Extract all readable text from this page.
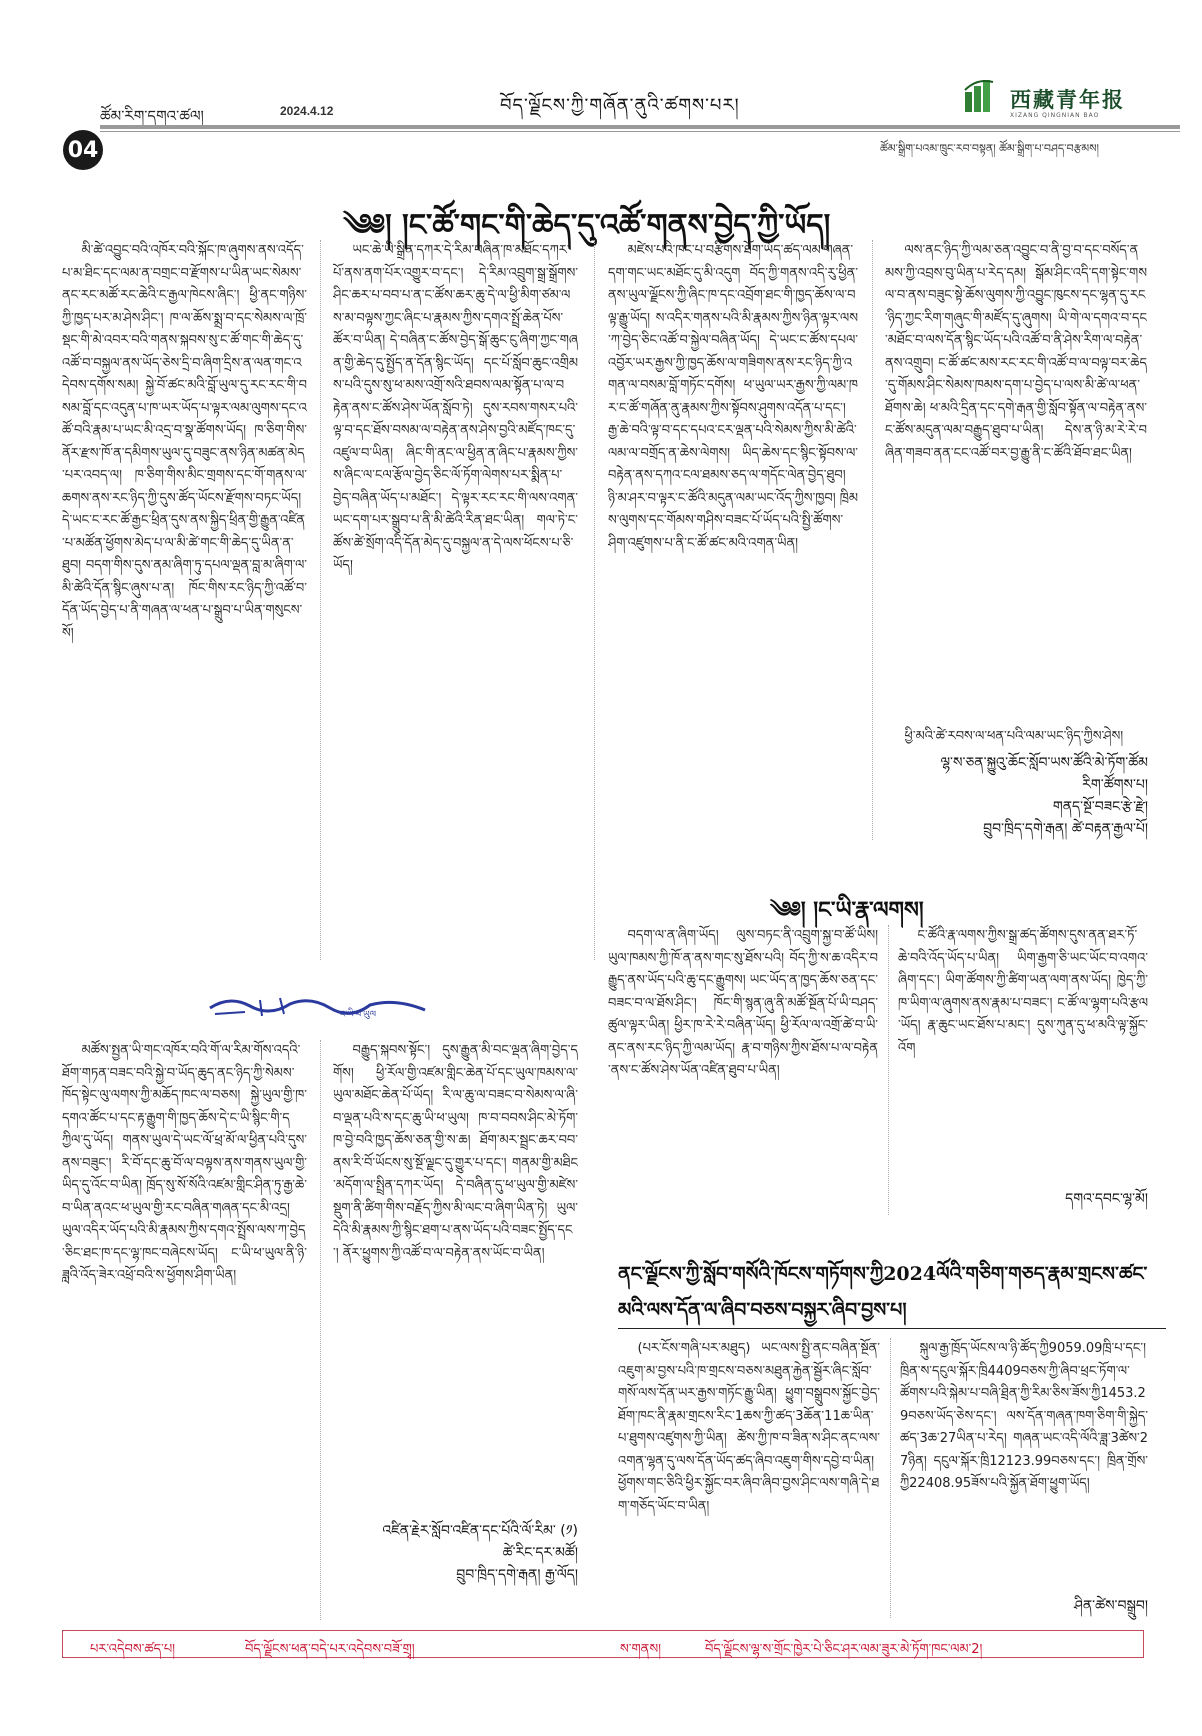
04
ཚོམ་རིག་དགའ་ཚལ།	2024.4.12	བོད་ལྗོངས་ཀྱི་གཞོན་ནུའི་ཚགས་པར།	西藏青年报
XIZANG QINGNIAN BAO
ཚོམ་སྒྲིག་པའམ་ཁྲུང་རབ་བསྟན། ཚོམ་སྒྲིག་པ་བཤད་བརྩམས།
༄༅། །ང་ཚོ་གང་གི་ཆེད་དུ་འཚོ་གནས་བྱེད་ཀྱི་ཡོད།

མི་ཚེ་འབྱུང་བའི་འཁོར་བའི་སྐོང་ཁ་ཞུགས་ནས་འདོད་པ་མ་ཐིང་དང་ལམ་ན་བགྲང་བ་རྫོགས་པ་ཡིན་ཡང་སེམས་ནང་རང་མཚོ་རང་ཆེའི་ང་རྒྱལ་ཁེངས་ཞིང་། ཕྱི་ནང་གཉིས་ཀྱི་ཁྱད་པར་མ་ཤེས་ཤིང་། ཁ་ལ་ཆོས་སྨྲ་བ་དང་སེམས་ལ་ཁྲོ་སྡང་གི་མེ་འབར་བའི་གནས་སྐབས་སུ་ང་ཚོ་གང་གི་ཆེད་དུ་འཚོ་བ་བསྐྱལ་ནས་ཡོད་ཅེས་དྲི་བ་ཞིག་དྲིས་ན་ལན་གང་འདེབས་དགོས་སམ། སྐྱེ་བོ་ཚང་མའི་བློ་ཡུལ་དུ་རང་རང་གི་བསམ་བློ་དང་འདུན་པ་ཁ་ཡར་ཡོད་པ་ལྟར་ལམ་ལུགས་དང་འཚོ་བའི་རྣམ་པ་ཡང་མི་འདྲ་བ་སྣ་ཚོགས་ཡོད། ཁ་ཅིག་གིས་ནོར་རྫས་ཁོ་ན་དམིགས་ཡུལ་དུ་བཟུང་ནས་ཉིན་མཚན་མེད་པར་འབད་ལ། ཁ་ཅིག་གིས་མིང་གྲགས་དང་གོ་གནས་ལ་ཆགས་ནས་རང་ཉིད་ཀྱི་དུས་ཚོད་ཡོངས་རྫོགས་བཏང་ཡོད། དེ་ཡང་ང་རང་ཚོ་རྒྱང་ཕྲིན་དུས་ནས་སྐྱིད་ཕྲིན་གྱི་རྒྱུན་འཛིན་པ་མཚོན་ཕྱོགས་མེད་པ་ལ་མི་ཚེ་གང་གི་ཆེད་དུ་ཡིན་ན་ཐུབ། བདག་གིས་དུས་ནམ་ཞིག་ཏུ་དཔལ་ལྡན་བླ་མ་ཞིག་ལ་མི་ཚེའི་དོན་སྙིང་ཞུས་པ་ན། ཁོང་གིས་རང་ཉིད་ཀྱི་འཚོ་བ་དོན་ཡོད་བྱེད་པ་ནི་གཞན་ལ་ཕན་པ་སྒྲུབ་པ་ཡིན་གསུངས་སོ།

ཡང་ཆེ་ཡི་སྒྲིན་དཀར་དེ་རིམ་བཞིན་ཁ་མཐོང་དཀར་པོ་ནས་ནག་པོར་འགྱུར་བ་དང་། དེ་རིམ་འབྲུག་སྒྲ་སྒྲོགས་ཤིང་ཆར་པ་བབ་པ་ན་ང་ཚོས་ཆར་ཆུ་དེ་ལ་ཕྱི་མིག་ཙམ་ལས་མ་བལྟས་ཀྱང་ཞིང་པ་རྣམས་ཀྱིས་དགའ་སྤྲོ་ཆེན་པོས་ཚོར་བ་ཡིན། དེ་བཞིན་ང་ཚོས་བྱེད་སྒོ་ཆུང་ངུ་ཞིག་ཀྱང་གཞན་གྱི་ཆེད་དུ་སྤྱོད་ན་དོན་སྙིང་ཡོད། དང་པོ་སློབ་ཆུང་འགྲིམས་པའི་དུས་སུ་ཕ་མས་འགྲོ་སའི་ཐབས་ལམ་སྟོན་པ་ལ་བརྟེན་ནས་ང་ཚོས་ཤེས་ཡོན་སློབ་ཏེ། དུས་རབས་གསར་པའི་ལྟ་བ་དང་ཐོས་བསམ་ལ་བརྟེན་ནས་ཤེས་བྱའི་མཛོད་ཁང་དུ་འཛུལ་བ་ཡིན། ཞིང་གི་ནང་ལ་ཕྱིན་ན་ཞིང་པ་རྣམས་ཀྱིས་ས་ཞིང་ལ་ངལ་རྩོལ་བྱེད་ཅིང་ལོ་ཏོག་ལེགས་པར་སྨིན་པ་བྱེད་བཞིན་ཡོད་པ་མཐོང་། དེ་ལྟར་རང་རང་གི་ལས་འགན་ཡང་དག་པར་སྒྲུབ་པ་ནི་མི་ཚེའི་རིན་ཐང་ཡིན། གལ་ཏེ་ང་ཚོས་ཚེ་སྲོག་འདི་དོན་མེད་དུ་བསྐྱལ་ན་དེ་ལས་ཕོངས་པ་ཅི་ཡོད།

མཛེས་པའི་ཁང་པ་བརྩིགས་ཐོག་ཡོད་ཚད་ལམ་གཞན་དག་གང་ཡང་མཐོང་དུ་མི་འདུག བོད་ཀྱི་གནས་འདི་རུ་ཕྱིན་ནས་ཡུལ་ལྗོངས་ཀྱི་ཞིང་ཁ་དང་འབྲོག་ཐང་གི་ཁྱད་ཆོས་ལ་བལྟ་རྒྱུ་ཡོད། ས་འདིར་གནས་པའི་མི་རྣམས་ཀྱིས་ཉིན་ལྟར་ལས་ཀ་བྱེད་ཅིང་འཚོ་བ་སྐྱེལ་བཞིན་ཡོད། དེ་ཡང་ང་ཚོས་དཔལ་འབྱོར་ཡར་རྒྱས་ཀྱི་ཁྱད་ཆོས་ལ་གཟིགས་ནས་རང་ཉིད་ཀྱི་འགན་ལ་བསམ་བློ་གཏོང་དགོས། ཕ་ཡུལ་ཡར་རྒྱས་ཀྱི་ལམ་ཁར་ང་ཚོ་གཞོན་ནུ་རྣམས་ཀྱིས་སྟོབས་ཤུགས་འདོན་པ་དང་། རྒྱ་ཆེ་བའི་ལྟ་བ་དང་དཔའ་ངར་ལྡན་པའི་སེམས་ཀྱིས་མི་ཚེའི་ལམ་ལ་བགྲོད་ན་ཆེས་ལེགས། ཡིད་ཆེས་དང་སྙིང་སྟོབས་ལ་བརྟེན་ནས་དཀའ་ངལ་ཐམས་ཅད་ལ་གདོང་ལེན་བྱེད་ཐུབ། ཉི་མ་ཤར་བ་ལྟར་ང་ཚོའི་མདུན་ལམ་ཡང་འོད་ཀྱིས་ཁྱབ། ཁྲིམས་ལུགས་དང་གོམས་གཤིས་བཟང་པོ་ཡོད་པའི་སྤྱི་ཚོགས་ཤིག་འཛུགས་པ་ནི་ང་ཚོ་ཚང་མའི་འགན་ཡིན།

ལས་ནང་ཉིད་ཀྱི་ལམ་ཅན་འབྱུང་བ་ནི་བྱ་བ་དང་བསོད་ནམས་ཀྱི་འབྲས་བུ་ཡིན་པ་རེད་དམ། སྒོམ་ཤིང་འདི་དག་སྟེང་གསལ་བ་ནས་བཟུང་སྟེ་ཆོས་ལུགས་ཀྱི་འབྱུང་ཁུངས་དང་ལྷན་དུ་རང་ཉིད་ཀྱང་རིག་གཞུང་གི་མཛོད་དུ་ཞུགས། ཡི་གེ་ལ་དགའ་བ་དང་མཐོང་བ་ལས་དོན་སྙིང་ཡོད་པའི་འཚོ་བ་ནི་ཤེས་རིག་ལ་བརྟེན་ནས་འགྲུབ། ང་ཚོ་ཚང་མས་རང་རང་གི་འཚོ་བ་ལ་བལྟ་བར་ཆེད་དུ་གོམས་ཤིང་སེམས་ཁམས་དག་པ་བྱེད་པ་ལས་མི་ཚེ་ལ་ཕན་ཐོགས་ཆེ། ཕ་མའི་དྲིན་དང་དགེ་རྒན་གྱི་སློབ་སྟོན་ལ་བརྟེན་ནས་ང་ཚོས་མདུན་ལམ་བརྒྱུད་ཐུབ་པ་ཡིན། དེས་ན་ཉི་མ་རེ་རེ་བཞིན་གཟབ་ནན་ངང་འཚོ་བར་བྱ་རྒྱུ་ནི་ང་ཚོའི་ཐོབ་ཐང་ཡིན།

ཕྱི་མའི་ཚེ་རབས་ལ་ཕན་པའི་ལམ་ཡང་ཉིད་ཀྱིས་ཤེས།

ལྷ་ས་ཅན་སྐྱུའུ་ཆོང་སློབ་ཡས་ཚོའི་མེ་ཏོག་ཚོམ
རིག་ཚོགས་པ།
གནད་སྔོ་བཟང་རྩེ་རྫེ།
བྲུབ་ཁྲིད་དགེ་རྒན། ཚེ་བརྟན་རྒྱལ་པོ།
ང་ཡི་ཕ་ཡུལ

མཚོས་སྤྱན་ཡི་གང་འཁོར་བའི་གོ་ལ་རིམ་གོས་འདའི་ཐོག་གཏན་བཟང་བའི་སྐྱེ་བ་ཡོད་ཆུད་ནང་ཉིད་ཀྱི་སེམས་ཁོད་སྟེང་ལུ་ལགས་ཀྱི་མཆོད་ཁང་ལ་བཅས། སྐྱེ་ཡུལ་གྱི་ཁ་དགའ་ཚོང་པ་དང་རྟ་རྒྱུག་གི་ཁྱད་ཆོས་དེ་ང་ཡི་སྙིང་གི་དཀྱིལ་དུ་ཡོད། གནས་ཡུལ་དེ་ཡང་ལོ་ཕྲ་མོ་ལ་ཕྱིན་པའི་དུས་ནས་བཟུང་། རི་བོ་དང་ཆུ་བོ་ལ་བལྟས་ནས་གནས་ཡུལ་གྱི་ཡིད་དུ་འོང་བ་ཡིན། ཁྲོད་སུ་སོ་སོའི་འཛམ་གླིང་ཤིན་ཏུ་རྒྱ་ཆེ་བ་ཡིན་ནའང་ཕ་ཡུལ་གྱི་རང་བཞིན་གཞན་དང་མི་འདྲ། ཡུལ་འདིར་ཡོད་པའི་མི་རྣམས་ཀྱིས་དགའ་སྤྲོས་ལས་ཀ་བྱེད་ཅིང་ཐང་ཁ་དང་ལྷ་ཁང་བཞེངས་ཡོད། ང་ཡི་ཕ་ཡུལ་ནི་ཉི་ཟླའི་འོད་ཟེར་འཕྲོ་བའི་ས་ཕྱོགས་ཤིག་ཡིན།

བརྒྱུད་སྐབས་སྟོང་། དུས་རྒྱུན་མི་བང་ལྡན་ཞིག་བྱེད་དགོས། ཕྱི་རོལ་གྱི་འཛམ་གླིང་ཆེན་པོ་དང་ཡུལ་ཁམས་ལ་ཡུལ་མཐོང་ཆེན་པོ་ཡོད། རི་ལ་ཆུ་ལ་བཟང་བ་སེམས་ལ་ཞི་བ་ལྡན་པའི་ས་དང་ཆུ་ཡི་ཕ་ཡུལ། ཁ་བ་བབས་ཤིང་མེ་ཏོག་ཁ་བྱེ་བའི་ཁྱད་ཆོས་ཅན་གྱི་ས་ཆ། ཐོག་མར་སྦྲང་ཆར་བབ་ནས་རི་བོ་ཡོངས་སུ་སྔོ་ལྗང་དུ་གྱུར་པ་དང་། གནམ་གྱི་མཐིང་མདོག་ལ་སྤྲིན་དཀར་ཡོད། དེ་བཞིན་དུ་ཕ་ཡུལ་གྱི་མཛེས་སྡུག་ནི་ཚིག་གིས་བརྗོད་ཀྱིས་མི་ལང་བ་ཞིག་ཡིན་ཏེ། ཡུལ་དེའི་མི་རྣམས་ཀྱི་སྙིང་ཐག་པ་ནས་ཡོད་པའི་བཟང་སྤྱོད་དང་། ནོར་ཕྱུགས་ཀྱི་འཚོ་བ་ལ་བརྟེན་ནས་ཡོང་བ་ཡིན།

འཛིན་རྗེར་སློབ་འཛིན་དང་པོའི་ལོ་རིམ་ (༡)
ཚེ་རིང་དར་མཚོ།
བྲུབ་ཁྲིད་དགེ་རྒན། རྒྱ་ལོད།
༄༅། །ང་ཡི་རྣ་ལགས།

བདག་ལ་ན་ཞིག་ཡོད། ལུས་བཏང་ནི་འབྲུག་སྐྱ་བ་ཚོ་ཡིས། ཡུལ་ཁམས་ཀྱི་ཁོ་ན་ནས་གང་སུ་ཐོས་པའི། བོད་ཀྱི་ས་ཆ་འདིར་བརྒྱུད་ནས་ཡོད་པའི་ཆུ་དང་རྒྱུགས། ཡང་ཡོད་ན་ཁྱད་ཆོས་ཅན་དང་བཟང་བ་ལ་ཐོས་ཤིང་། ཁོང་གི་སྙན་ཞུ་ནི་མཚོ་སྔོན་པོ་ཡི་བཤད་ཚུལ་ལྟར་ཡིན། ཕྱིར་ཁ་རེ་རེ་བཞིན་ཡོད། ཕྱི་རོལ་ལ་འགྲོ་ཚེ་བ་ཡི་ནང་ནས་རང་ཉིད་ཀྱི་ལམ་ཡོད། རྣ་བ་གཉིས་ཀྱིས་ཐོས་པ་ལ་བརྟེན་ནས་ང་ཚོས་ཤེས་ཡོན་འཛིན་ཐུབ་པ་ཡིན།

ང་ཚོའི་རྣ་ལགས་ཀྱིས་སྒྲ་ཚད་ཚོགས་དུས་ནན་ཐར་ཏོ་ཆེ་བའི་འོད་ཡོད་པ་ཡིན། ཡིག་རྒྱག་ཅི་ཡང་ཡོང་བ་འགའ་ཞིག་དང་། ཡིག་ཚོགས་ཀྱི་ཚིག་ཡན་ལག་ནས་ཡོད། ཁྱེད་ཀྱི་ཁ་ཡིག་ལ་ཞུགས་ནས་རྣམ་པ་བཟང་། ང་ཚོ་ལ་ལྷག་པའི་རྩལ་ཡོད། རྣ་ཆུང་ཡང་ཐོས་པ་མང་། དུས་ཀུན་དུ་ཕ་མའི་ལྟ་སྐྱོང་འོག

དགའ་དབང་ལྷ་མོ།
ནང་ལྗོངས་ཀྱི་སློབ་གསོའི་ཁོངས་གཏོགས་ཀྱི2024ལོའི་གཅིག་གཅད་རྣམ་གྲངས་ཚང་མའི་ལས་དོན་ལ་ཞིབ་བཅས་བསྐྱར་ཞིབ་བྱས་པ།

(པར་ངོས་གཞི་པར་མཐུད) ཡང་ལས་སྤྱི་ནང་བཞིན་སྔོན་འཇུག་མ་བྱས་པའི་ཁ་གྲངས་བཅས་མཐུན་རྐྱེན་སྦྱོར་ཞིང་སློབ་གསོ་ལས་དོན་ཡར་རྒྱས་གཏོང་རྒྱུ་ཡིན། ཕྱུག་བསྒྲུབས་སྐྱོང་བྱེད་ཐོག་ཁང་ནི་རྣམ་གྲངས་རིང་1ཆས་ཀྱི་ཚད་3ཆོན་11ཆ་ཡིན་པ་ཐུགས་འཛུགས་ཀྱི་ཡིན། ཚེས་ཀྱི་ཁ་བ་ཟིན་ས་ཤིང་ནང་ལས་འགན་ལྷན་དུ་ལས་དོན་ཡོད་ཚད་ཞིབ་འཇུག་གིས་དབྱེ་བ་ཡིན། ཕྱོགས་གང་ཅིའི་ཕྱིར་སྐྱོང་བར་ཞིབ་ཞིབ་བྱས་ཤིང་ལས་གཞི་དེ་ཐག་གཅོད་ཡོང་བ་ཡིན།

སྐུལ་རྒྱ་ཁྲོད་ཡོངས་ལ་ཉི་ཚོད་ཀྱི9059.09ཁྲི་པ་དང་། ཁྲིན་ས་དངུལ་སྐོར་ཁྲི4409བཅས་ཀྱི་ཞིབ་ཕྲང་ཏོག་ལ་ཚོགས་པའི་སྐེམ་པ་བཞི་ཐྲིན་ཀྱི་རིམ་ཅིས་ཟོས་ཀྱི1453.29བཅས་ཡོད་ཅེས་དང་། ལས་དོན་གཞན་ཁག་ཅིག་གི་སྐྱེད་ཚད་3ཆ་27ཡིན་པ་རེད། གཞན་ཡང་འདི་ལོའི་ཟླ་3ཚེས་27ཉིན། དངུལ་སྐོར་ཁྲི12123.99བཅས་དང་། ཁྲིན་གྲོས་ཀྱི22408.95ཟོས་པའི་སྐྱོན་ཐོག་ཕྱུག་ཡོད།

ཤིན་ཚེས་བསྒྲུབ།
པར་འདེབས་ཚད་པ།	བོད་ལྗོངས་ཕན་བདེ་པར་འདེབས་བཟོ་གྲྭ།	ས་གནས།	བོད་ལྗོངས་ལྷ་ས་གྲོང་ཁྱེར་པེ་ཅིང་ཤར་ལམ་ཟུར་མེ་ཏོག་ཁང་ལམ་2།
